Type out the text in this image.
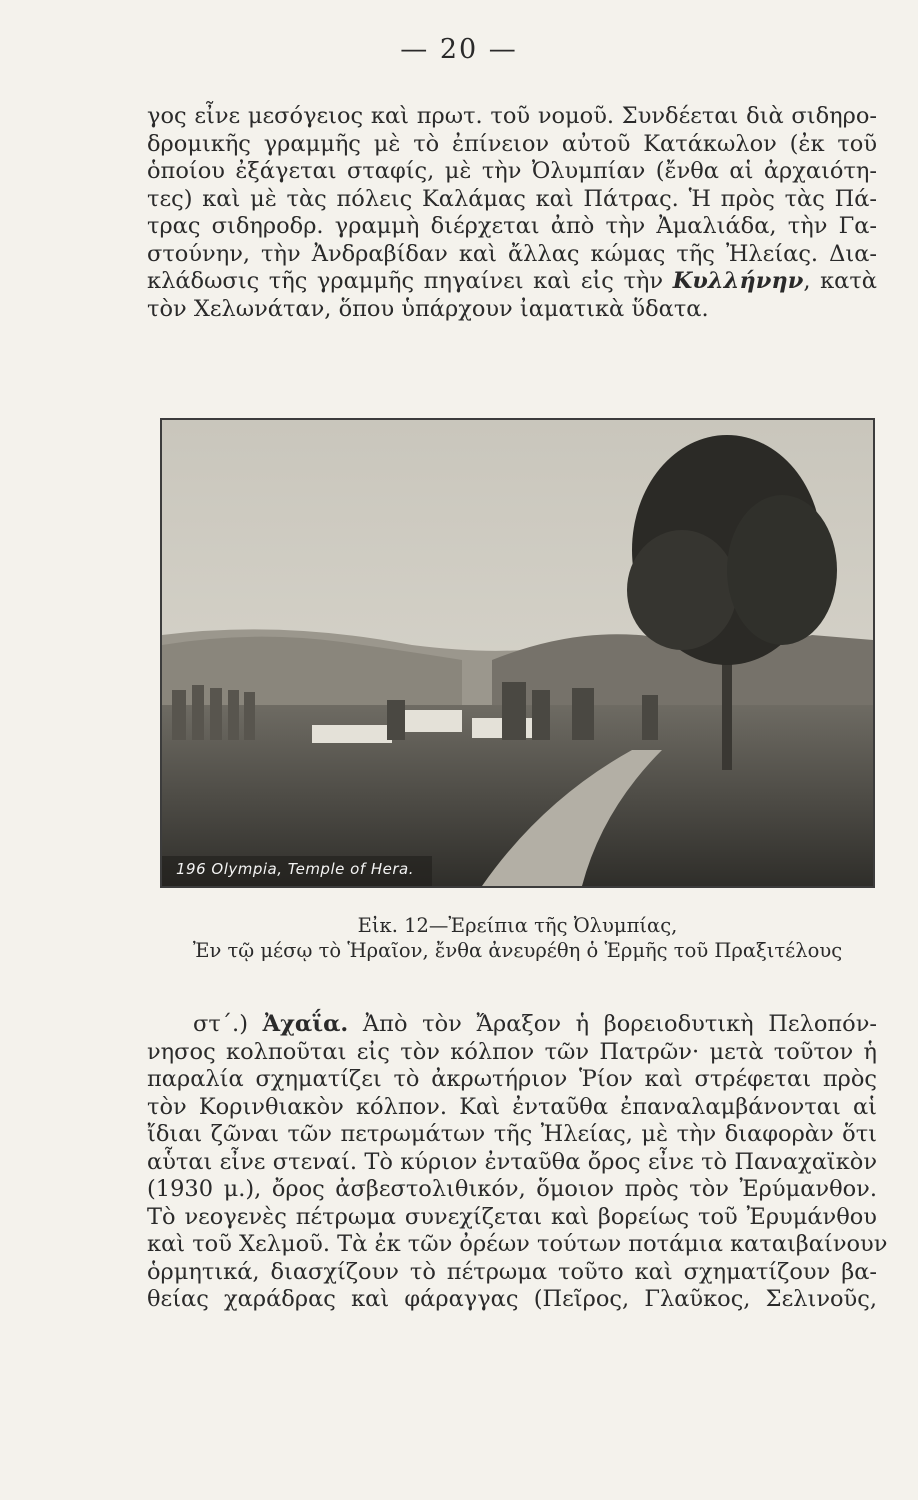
— 20 —

γος εἶνε μεσόγειος καὶ πρωτ. τοῦ νομοῦ. Συνδέεται διὰ σιδηρο-
δρομικῆς γραμμῆς μὲ τὸ ἐπίνειον αὐτοῦ Κατάκωλον (ἐκ τοῦ
ὁποίου ἐξάγεται σταφίς, μὲ τὴν Ὀλυμπίαν (ἔνθα αἱ ἀρχαιότη-
τες) καὶ μὲ τὰς πόλεις Καλάμας καὶ Πάτρας. Ἡ πρὸς τὰς Πά-
τρας σιδηροδρ. γραμμὴ διέρχεται ἀπὸ τὴν Ἀμαλιάδα, τὴν Γα-
στούνην, τὴν Ἀνδραβίδαν καὶ ἄλλας κώμας τῆς Ἠλείας. Δια-
κλάδωσις τῆς γραμμῆς πηγαίνει καὶ εἰς τὴν Κυλλήνην, κατὰ
τὸν Χελωνάταν, ὅπου ὑπάρχουν ἰαματικὰ ὕδατα.

196 Olympia, Temple of Hera.

Εἰκ. 12—Ἐρείπια τῆς Ὀλυμπίας,

Ἐν τῷ μέσῳ τὸ Ἡραῖον, ἔνθα ἀνευρέθη ὁ Ἑρμῆς τοῦ Πραξιτέλους

στ΄.) Ἀχαΐα. Ἀπὸ τὸν Ἄραξον ἡ βορειοδυτικὴ Πελοπόν-
νησος κολποῦται εἰς τὸν κόλπον τῶν Πατρῶν· μετὰ τοῦτον ἡ
παραλία σχηματίζει τὸ ἀκρωτήριον Ῥίον καὶ στρέφεται πρὸς
τὸν Κορινθιακὸν κόλπον. Καὶ ἐνταῦθα ἐπαναλαμβάνονται αἱ
ἴδιαι ζῶναι τῶν πετρωμάτων τῆς Ἠλείας, μὲ τὴν διαφορὰν ὅτι
αὗται εἶνε στεναί. Τὸ κύριον ἐνταῦθα ὄρος εἶνε τὸ Παναχαϊκὸν
(1930 μ.), ὄρος ἀσβεστολιθικόν, ὅμοιον πρὸς τὸν Ἐρύμανθον.
Τὸ νεογενὲς πέτρωμα συνεχίζεται καὶ βορείως τοῦ Ἐρυμάνθου
καὶ τοῦ Χελμοῦ. Τὰ ἐκ τῶν ὀρέων τούτων ποτάμια καταιβαίνουν
ὁρμητικά, διασχίζουν τὸ πέτρωμα τοῦτο καὶ σχηματίζουν βα-
θείας χαράδρας καὶ φάραγγας (Πεῖρος, Γλαῦκος, Σελινοῦς,
